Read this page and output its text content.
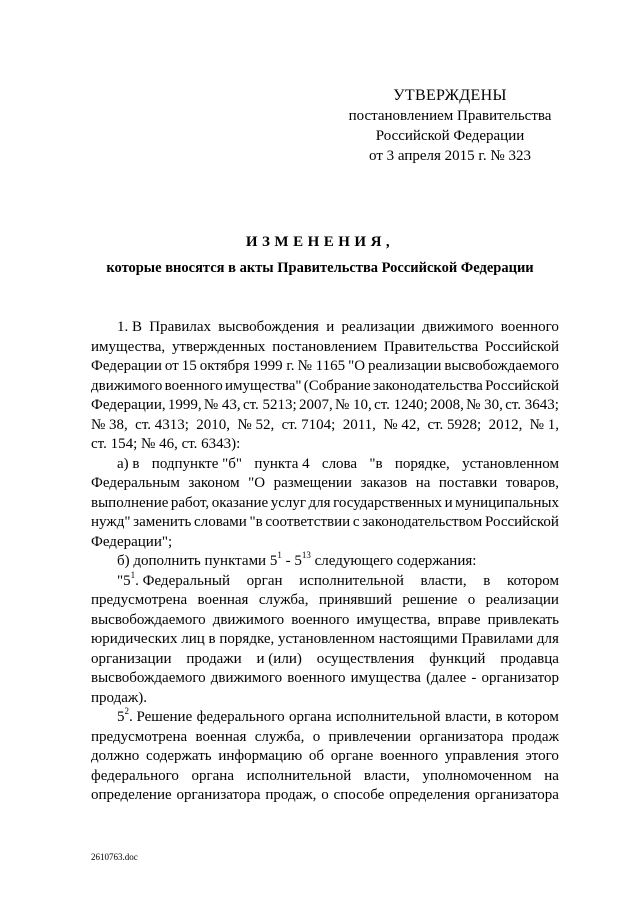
УТВЕРЖДЕНЫ
постановлением Правительства
Российской Федерации
от 3 апреля 2015 г. № 323
ИЗМЕНЕНИЯ,
которые вносятся в акты Правительства Российской Федерации
1. В Правилах высвобождения и реализации движимого военного
имущества, утвержденных постановлением Правительства Российской
Федерации от 15 октября 1999 г. № 1165 "О реализации высвобождаемого
движимого военного имущества" (Собрание законодательства Российской
Федерации, 1999, № 43, ст. 5213; 2007, № 10, ст. 1240; 2008, № 30, ст. 3643;
№ 38, ст. 4313; 2010, № 52, ст. 7104; 2011, № 42, ст. 5928; 2012, № 1,
ст. 154; № 46, ст. 6343):
а) в подпункте "б" пункта 4 слова "в порядке, установленном
Федеральным законом "О размещении заказов на поставки товаров,
выполнение работ, оказание услуг для государственных и муниципальных
нужд" заменить словами "в соответствии с законодательством Российской
Федерации";
б) дополнить пунктами $5^1 - 5^{13}$ следующего содержания:
"$5^1$. Федеральный орган исполнительной власти, в котором
предусмотрена военная служба, принявший решение о реализации
высвобождаемого движимого военного имущества, вправе привлекать
юридических лиц в порядке, установленном настоящими Правилами для
организации продажи и (или) осуществления функций продавца
высвобождаемого движимого военного имущества (далее - организатор
продаж).
$5^2$. Решение федерального органа исполнительной власти, в котором
предусмотрена военная служба, о привлечении организатора продаж
должно содержать информацию об органе военного управления этого
федерального органа исполнительной власти, уполномоченном на
определение организатора продаж, о способе определения организатора
2610763.doc
